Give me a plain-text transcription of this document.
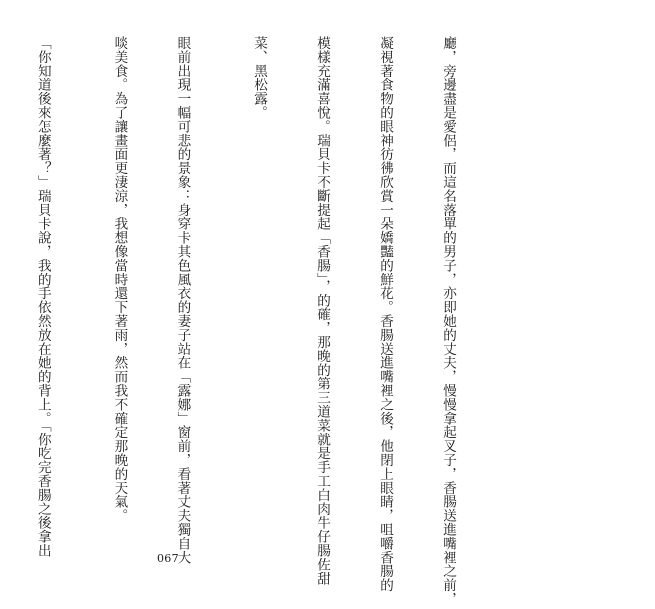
廳，旁邊盡是愛侶，而這名落單的男子，亦即她的丈夫，慢慢拿起叉子，香腸送進嘴裡之前，

凝視著食物的眼神彷彿欣賞一朵嬌豔的鮮花。香腸送進嘴裡之後，他閉上眼睛，咀嚼香腸的

模樣充滿喜悅。瑞貝卡不斷提起「香腸」，的確，那晚的第三道菜就是手工白肉牛仔腸佐甜

菜、黑松露。

眼前出現一幅可悲的景象：身穿卡其色風衣的妻子站在「露娜」窗前，看著丈夫獨自大

啖美食。為了讓畫面更淒涼，我想像當時還下著雨，然而我不確定那晚的天氣。

「你知道後來怎麼著？」瑞貝卡說，我的手依然放在她的背上。「你吃完香腸之後拿出

067
